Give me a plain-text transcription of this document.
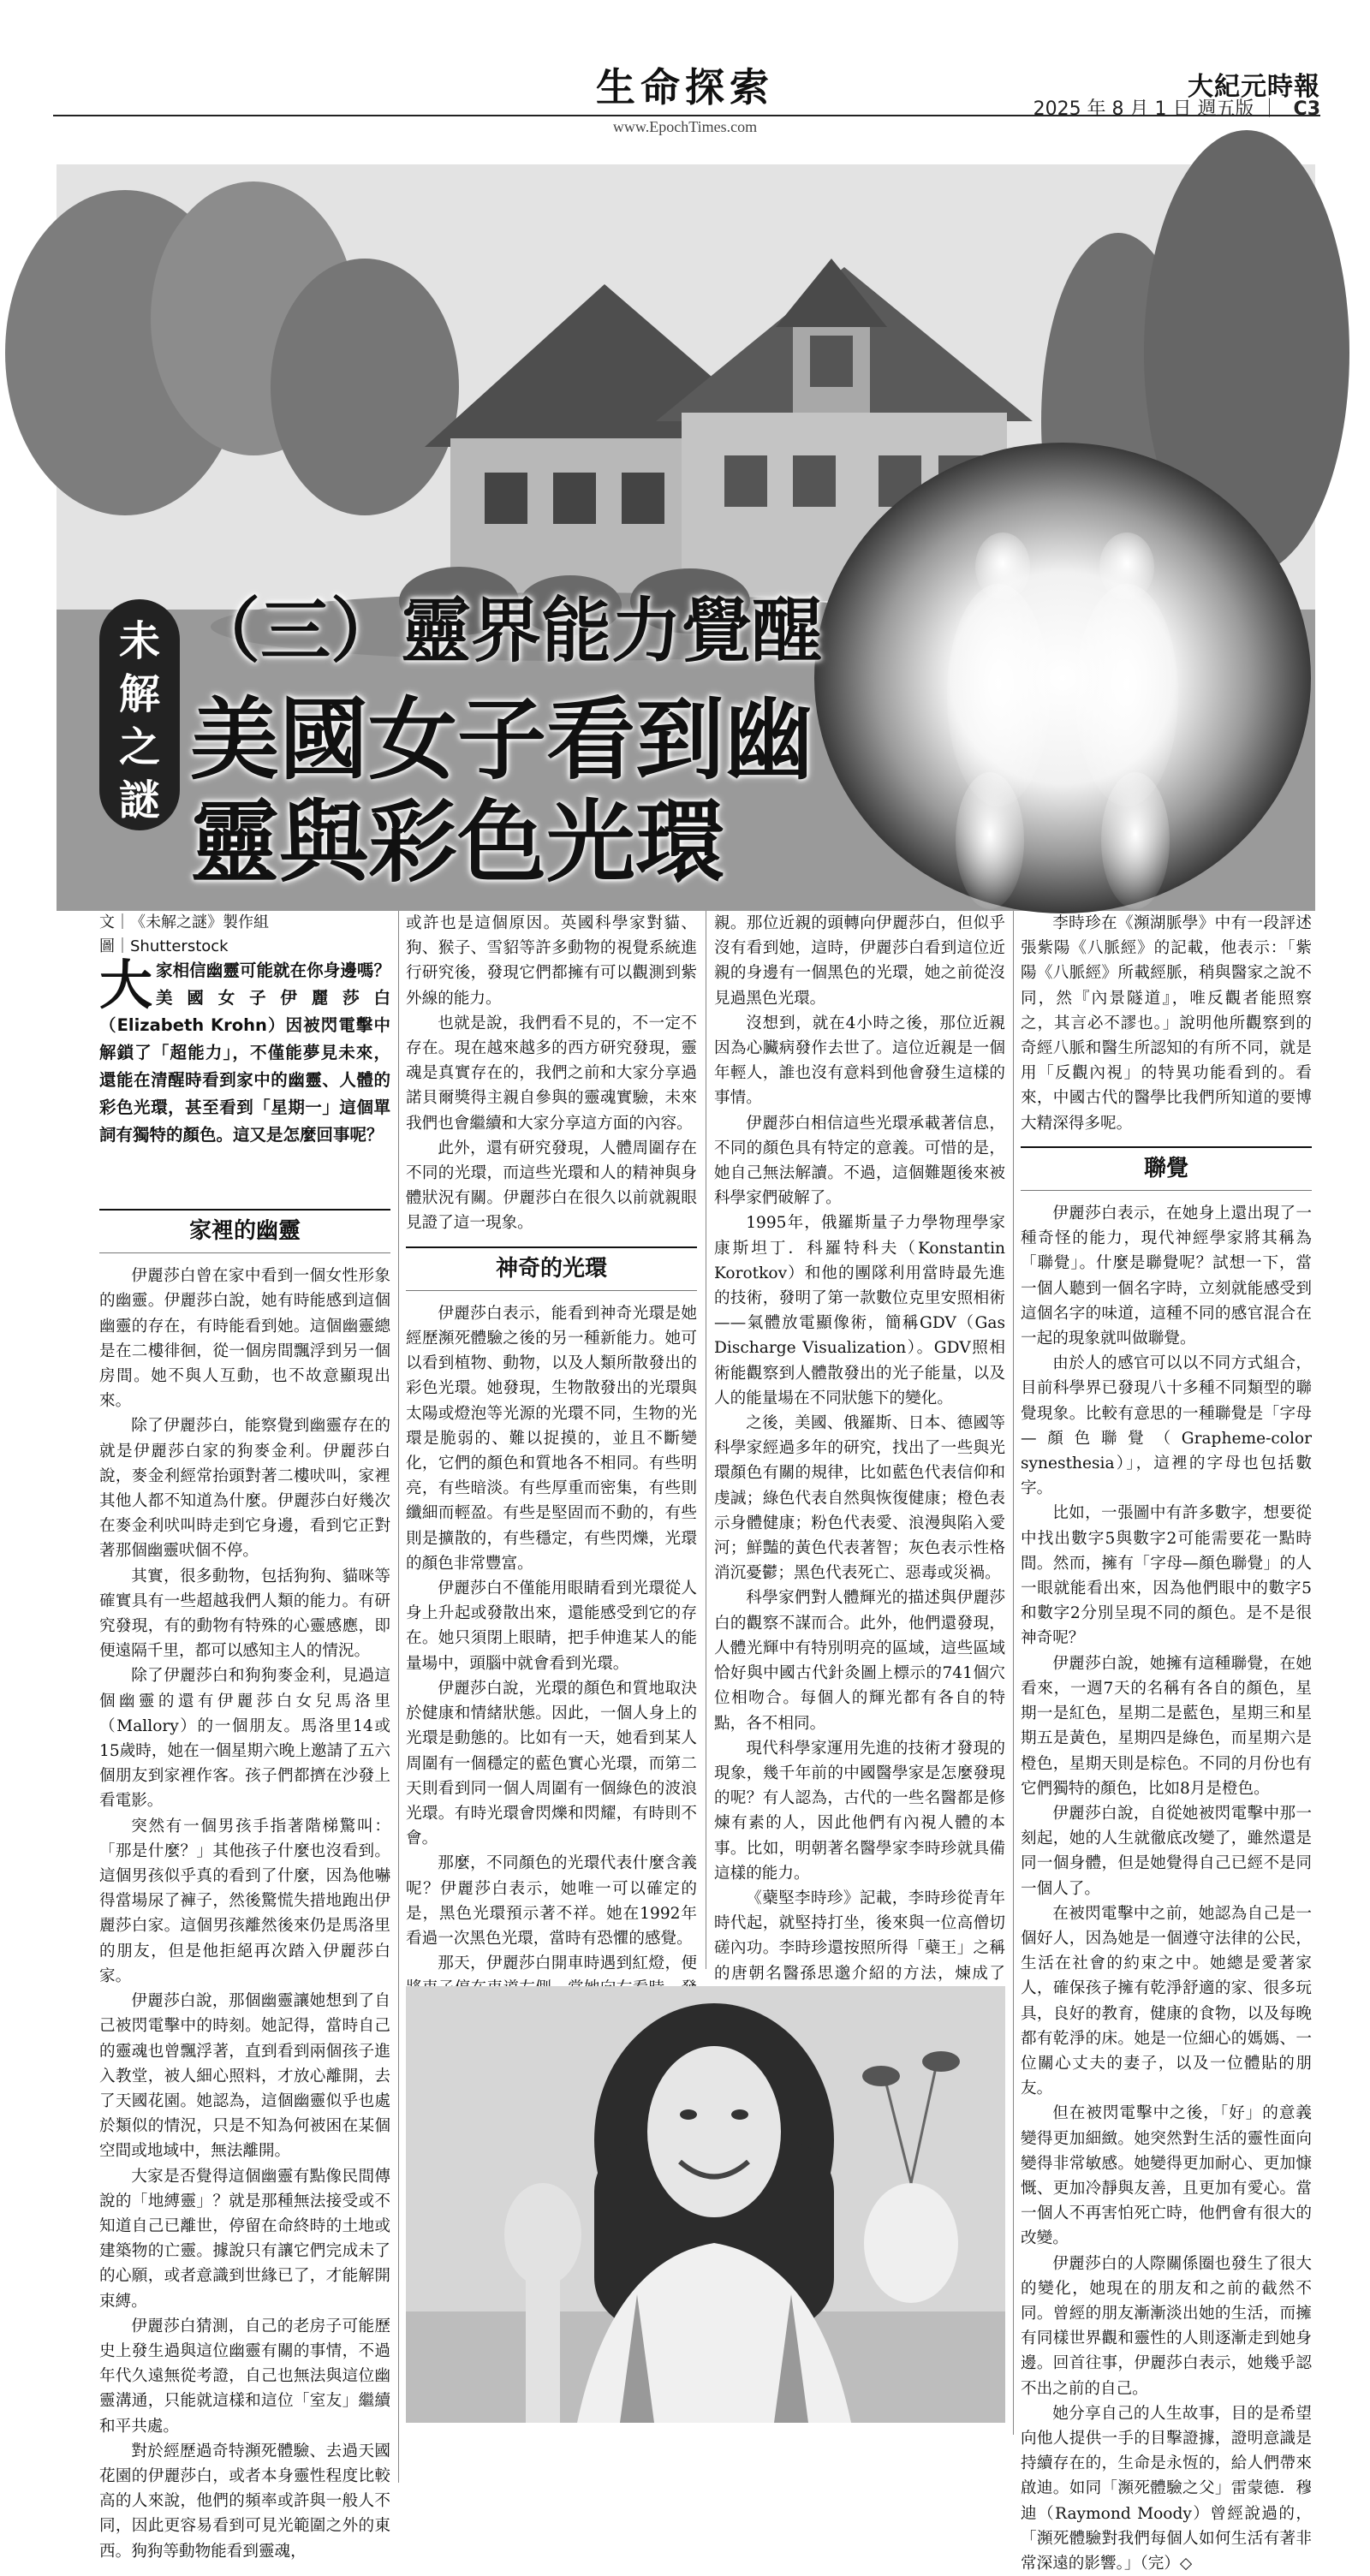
生命探索
www.EpochTimes.com
大紀元時報
2025 年 8 月 1 日 週五版 ｜ C3
未
解
之
謎
（三）靈界能力覺醒
美國女子看到幽
靈與彩色光環
文｜《未解之謎》製作組
圖｜Shutterstock
大家相信幽靈可能就在你身邊嗎？美國女子伊麗莎白（Elizabeth Krohn）因被閃電擊中解鎖了「超能力」，不僅能夢見未來，還能在清醒時看到家中的幽靈、人體的彩色光環，甚至看到「星期一」這個單詞有獨特的顏色。這又是怎麼回事呢？
家裡的幽靈

伊麗莎白曾在家中看到一個女性形象的幽靈。伊麗莎白說，她有時能感到這個幽靈的存在，有時能看到她。這個幽靈總是在二樓徘徊，從一個房間飄浮到另一個房間。她不與人互動，也不故意顯現出來。

除了伊麗莎白，能察覺到幽靈存在的就是伊麗莎白家的狗麥金利。伊麗莎白說，麥金利經常抬頭對著二樓吠叫，家裡其他人都不知道為什麼。伊麗莎白好幾次在麥金利吠叫時走到它身邊，看到它正對著那個幽靈吠個不停。

其實，很多動物，包括狗狗、貓咪等確實具有一些超越我們人類的能力。有研究發現，有的動物有特殊的心靈感應，即便遠隔千里，都可以感知主人的情況。

除了伊麗莎白和狗狗麥金利，見過這個幽靈的還有伊麗莎白女兒馬洛里（Mallory）的一個朋友。馬洛里14或15歲時，她在一個星期六晚上邀請了五六個朋友到家裡作客。孩子們都擠在沙發上看電影。

突然有一個男孩手指著階梯驚叫：「那是什麼？」其他孩子什麼也沒看到。這個男孩似乎真的看到了什麼，因為他嚇得當場尿了褲子，然後驚慌失措地跑出伊麗莎白家。這個男孩離然後來仍是馬洛里的朋友，但是他拒絕再次踏入伊麗莎白家。

伊麗莎白說，那個幽靈讓她想到了自己被閃電擊中的時刻。她記得，當時自己的靈魂也曾飄浮著，直到看到兩個孩子進入教堂，被人細心照料，才放心離開，去了天國花園。她認為，這個幽靈似乎也處於類似的情況，只是不知為何被困在某個空間或地域中，無法離開。

大家是否覺得這個幽靈有點像民間傳說的「地縛靈」？就是那種無法接受或不知道自己已離世，停留在命終時的土地或建築物的亡靈。據說只有讓它們完成未了的心願，或者意識到世緣已了，才能解開束縛。

伊麗莎白猜測，自己的老房子可能歷史上發生過與這位幽靈有關的事情，不過年代久遠無從考證，自己也無法與這位幽靈溝通，只能就這樣和這位「室友」繼續和平共處。

對於經歷過奇特瀕死體驗、去過天國花園的伊麗莎白，或者本身靈性程度比較高的人來說，他們的頻率或許與一般人不同，因此更容易看到可見光範圍之外的東西。狗狗等動物能看到靈魂，

或許也是這個原因。英國科學家對貓、狗、猴子、雪貂等許多動物的視覺系統進行研究後，發現它們都擁有可以觀測到紫外線的能力。

也就是說，我們看不見的，不一定不存在。現在越來越多的西方研究發現，靈魂是真實存在的，我們之前和大家分享過諾貝爾獎得主親自參與的靈魂實驗，未來我們也會繼續和大家分享這方面的內容。

此外，還有研究發現，人體周圍存在不同的光環，而這些光環和人的精神與身體狀況有關。伊麗莎白在很久以前就親眼見證了這一現象。

神奇的光環

伊麗莎白表示，能看到神奇光環是她經歷瀕死體驗之後的另一種新能力。她可以看到植物、動物，以及人類所散發出的彩色光環。她發現，生物散發出的光環與太陽或燈泡等光源的光環不同，生物的光環是脆弱的、難以捉摸的，並且不斷變化，它們的顏色和質地各不相同。有些明亮，有些暗淡。有些厚重而密集，有些則纖細而輕盈。有些是堅固而不動的，有些則是擴散的，有些穩定，有些閃爍，光環的顏色非常豐富。

伊麗莎白不僅能用眼睛看到光環從人身上升起或發散出來，還能感受到它的存在。她只須閉上眼睛，把手伸進某人的能量場中，頭腦中就會看到光環。

伊麗莎白說，光環的顏色和質地取決於健康和情緒狀態。因此，一個人身上的光環是動態的。比如有一天，她看到某人周圍有一個穩定的藍色實心光環，而第二天則看到同一個人周圍有一個綠色的波浪光環。有時光環會閃爍和閃耀，有時則不會。

那麼，不同顏色的光環代表什麼含義呢？伊麗莎白表示，她唯一可以確定的是，黑色光環預示著不祥。她在1992年看過一次黑色光環，當時有恐懼的感覺。

那天，伊麗莎白開車時遇到紅燈，便

親。那位近親的頭轉向伊麗莎白，但似乎沒有看到她，這時，伊麗莎白看到這位近親的身邊有一個黑色的光環，她之前從沒見過黑色光環。

沒想到，就在4小時之後，那位近親因為心臟病發作去世了。這位近親是一個年輕人，誰也沒有意料到他會發生這樣的事情。

伊麗莎白相信這些光環承載著信息，不同的顏色具有特定的意義。可惜的是，她自己無法解讀。不過，這個難題後來被科學家們破解了。

1995年，俄羅斯量子力學物理學家康斯坦丁．科羅特科夫（Konstantin Korotkov）和他的團隊利用當時最先進的技術，發明了第一款數位克里安照相術——氣體放電顯像術，簡稱GDV（Gas Discharge Visualization）。GDV照相術能觀察到人體散發出的光子能量，以及人的能量場在不同狀態下的變化。

之後，美國、俄羅斯、日本、德國等科學家經過多年的研究，找出了一些與光環顏色有關的規律，比如藍色代表信仰和虔誠；綠色代表自然與恢復健康；橙色表示身體健康；粉色代表愛、浪漫與陷入愛河；鮮豔的黃色代表著智；灰色表示性格消沉憂鬱；黑色代表死亡、惡毒或災禍。

科學家們對人體輝光的描述與伊麗莎白的觀察不謀而合。此外，他們還發現，人體光輝中有特別明亮的區域，這些區域恰好與中國古代針灸圖上標示的741個穴位相吻合。每個人的輝光都有各自的特點，各不相同。

現代科學家運用先進的技術才發現的現象，幾千年前的中國醫學家是怎麼發現的呢？有人認為，古代的一些名醫都是修煉有素的人，因此他們有內視人體的本事。比如，明朝著名醫學家李時珍就具備這樣的能力。

《蘗堅李時珍》記載，李時珍從青年時代起，就堅持打坐，後來與一位高僧切磋內功。李時珍還按照所得「蘗王」之稱的唐朝名醫孫思邈介紹的方法，煉成了

李時珍在《瀕湖脈學》中有一段評述張紫陽《八脈經》的記載，他表示：「紫陽《八脈經》所載經脈，稍與醫家之說不同，然『內景隧道』，唯反觀者能照察之，其言必不謬也。」說明他所觀察到的奇經八脈和醫生所認知的有所不同，就是用「反觀內視」的特異功能看到的。看來，中國古代的醫學比我們所知道的要博大精深得多呢。

聯覺

伊麗莎白表示，在她身上還出現了一種奇怪的能力，現代神經學家將其稱為「聯覺」。什麼是聯覺呢？試想一下，當一個人聽到一個名字時，立刻就能感受到這個名字的味道，這種不同的感官混合在一起的現象就叫做聯覺。

由於人的感官可以以不同方式組合，目前科學界已發現八十多種不同類型的聯覺現象。比較有意思的一種聯覺是「字母—顏色聯覺（Grapheme-color synesthesia）」，這裡的字母也包括數字。

比如，一張圖中有許多數字，想要從中找出數字5與數字2可能需要花一點時間。然而，擁有「字母—顏色聯覺」的人一眼就能看出來，因為他們眼中的數字5和數字2分別呈現不同的顏色。是不是很神奇呢？

伊麗莎白說，她擁有這種聯覺，在她看來，一週7天的名稱有各自的顏色，星期一是紅色，星期二是藍色，星期三和星期五是黃色，星期四是綠色，而星期六是橙色，星期天則是棕色。不同的月份也有它們獨特的顏色，比如8月是橙色。

伊麗莎白說，自從她被閃電擊中那一刻起，她的人生就徹底改變了，雖然還是同一個身體，但是她覺得自己已經不是同一個人了。

在被閃電擊中之前，她認為自己是一個好人，因為她是一個遵守法律的公民，生活在社會的約束之中。她總是愛著家人，確保孩子擁有乾淨舒適的家、很多玩具，良好的教育，健康的食物，以及每晚都有乾淨的床。她是一位細心的媽媽、一位關心丈夫的妻子，以及一位體貼的朋友。

但在被閃電擊中之後，「好」的意義變得更加細緻。她突然對生活的靈性面向變得非常敏感。她變得更加耐心、更加慷慨、更加冷靜與友善，且更加有愛心。當一個人不再害怕死亡時，他們會有很大的改變。

伊麗莎白的人際關係圈也發生了很大的變化，她現在的朋友和之前的截然不同。曾經的朋友漸漸淡出她的生活，而擁有同樣世界觀和靈性的人則逐漸走到她身邊。回首往事，伊麗莎白表示，她幾乎認不出之前的自己。

她分享自己的人生故事，目的是希望向他人提供一手的目擊證據，證明意識是持續存在的，生命是永恆的，給人們帶來啟迪。如同「瀕死體驗之父」雷蒙德．穆迪（Raymond Moody）曾經說過的，「瀕死體驗對我們每個人如何生活有著非常深遠的影響。」（完）◇
